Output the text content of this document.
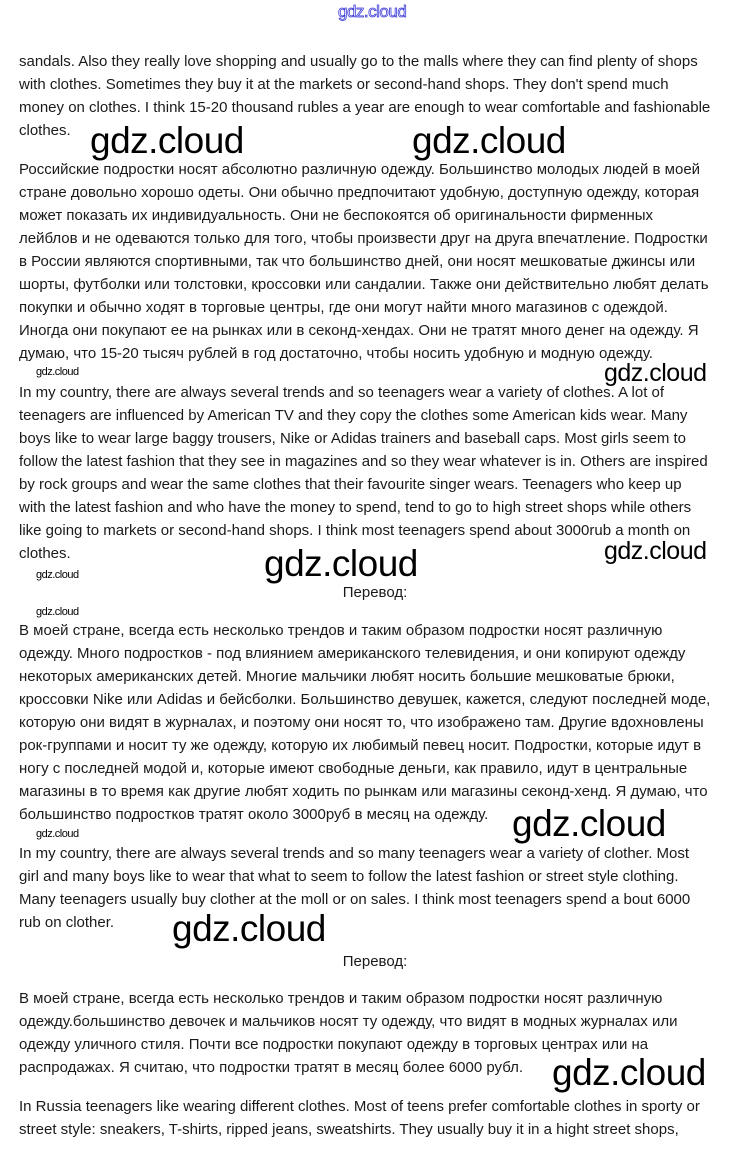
street style: sneakers, T-shirts, ripped jeans, sweatshirts. They usually buy it in a hight street shops,
In Russia teenagers like wearing different clothes. Most of teens prefer comfortable clothes in sporty or
распродажах. Я считаю, что подростки тратят в месяц более 6000 рубл.
одежду уличного стиля. Почти все подростки покупают одежду в торговых центрах или на
одежду.большинство девочек и мальчиков носят ту одежду, что видят в модных журналах или
В моей стране, всегда есть несколько трендов и таким образом подростки носят различную
rub on clother.
Many teenagers usually buy clother at the moll or on sales. I think most teenagers spend a bout 6000
girl and many boys like to wear that what to seem to follow the latest fashion or street style clothing.
In my country, there are always several trends and so many teenagers wear a variety of clother. Most
большинство подростков тратят около 3000руб в месяц на одежду.
магазины в то время как другие любят ходить по рынкам или магазины секонд-хенд. Я думаю, что
ногу с последней модой и, которые имеют свободные деньги, как правило, идут в центральные
рок-группами и носит ту же одежду, которую их любимый певец носит. Подростки, которые идут в
которую они видят в журналах, и поэтому они носят то, что изображено там. Другие вдохновлены
кроссовки Nike или Adidas и бейсболки. Большинство девушек, кажется, следуют последней моде,
некоторых американских детей. Многие мальчики любят носить большие мешковатые брюки,
одежду. Много подростков - под влиянием американского телевидения, и они копируют одежду
В моей стране, всегда есть несколько трендов и таким образом подростки носят различную
clothes.
like going to markets or second-hand shops. I think most teenagers spend about 3000rub a month on
with the latest fashion and who have the money to spend, tend to go to high street shops while others
by rock groups and wear the same clothes that their favourite singer wears. Teenagers who keep up
follow the latest fashion that they see in magazines and so they wear whatever is in. Others are inspired
boys like to wear large baggy trousers, Nike or Adidas trainers and baseball caps. Most girls seem to
teenagers are influenced by American TV and they copy the clothes some American kids wear. Many
In my country, there are always several trends and so teenagers wear a variety of clothes. A lot of
думаю, что 15-20 тысяч рублей в год достаточно, чтобы носить удобную и модную одежду.
Иногда они покупают ее на рынках или в секонд-хендах. Они не тратят много денег на одежду. Я
покупки и обычно ходят в торговые центры, где они могут найти много магазинов с одеждой.
шорты, футболки или толстовки, кроссовки или сандалии. Также они действительно любят делать
в России являются спортивными, так что большинство дней, они носят мешковатые джинсы или
лейблов и не одеваются только для того, чтобы произвести друг на друга впечатление. Подростки
может показать их индивидуальность. Они не беспокоятся об оригинальности фирменных
стране довольно хорошо одеты. Они обычно предпочитают удобную, доступную одежду, которая
Российские подростки носят абсолютно различную одежду. Большинство молодых людей в моей
clothes.
money on clothes. I think 15-20 thousand rubles a year are enough to wear comfortable and fashionable
with clothes. Sometimes they buy it at the markets or second-hand shops. They don't spend much
sandals. Also they really love shopping and usually go to the malls where they can find plenty of shops
gdz.cloud
Перевод:
Перевод:
gdz.cloud	gdz.cloud
gdz.cloud
gdz.cloud
gdz.cloud
gdz.cloud
gdz.cloud
gdz.cloud
gdz.cloud	gdz.cloud
gdz.cloud
gdz.cloud
